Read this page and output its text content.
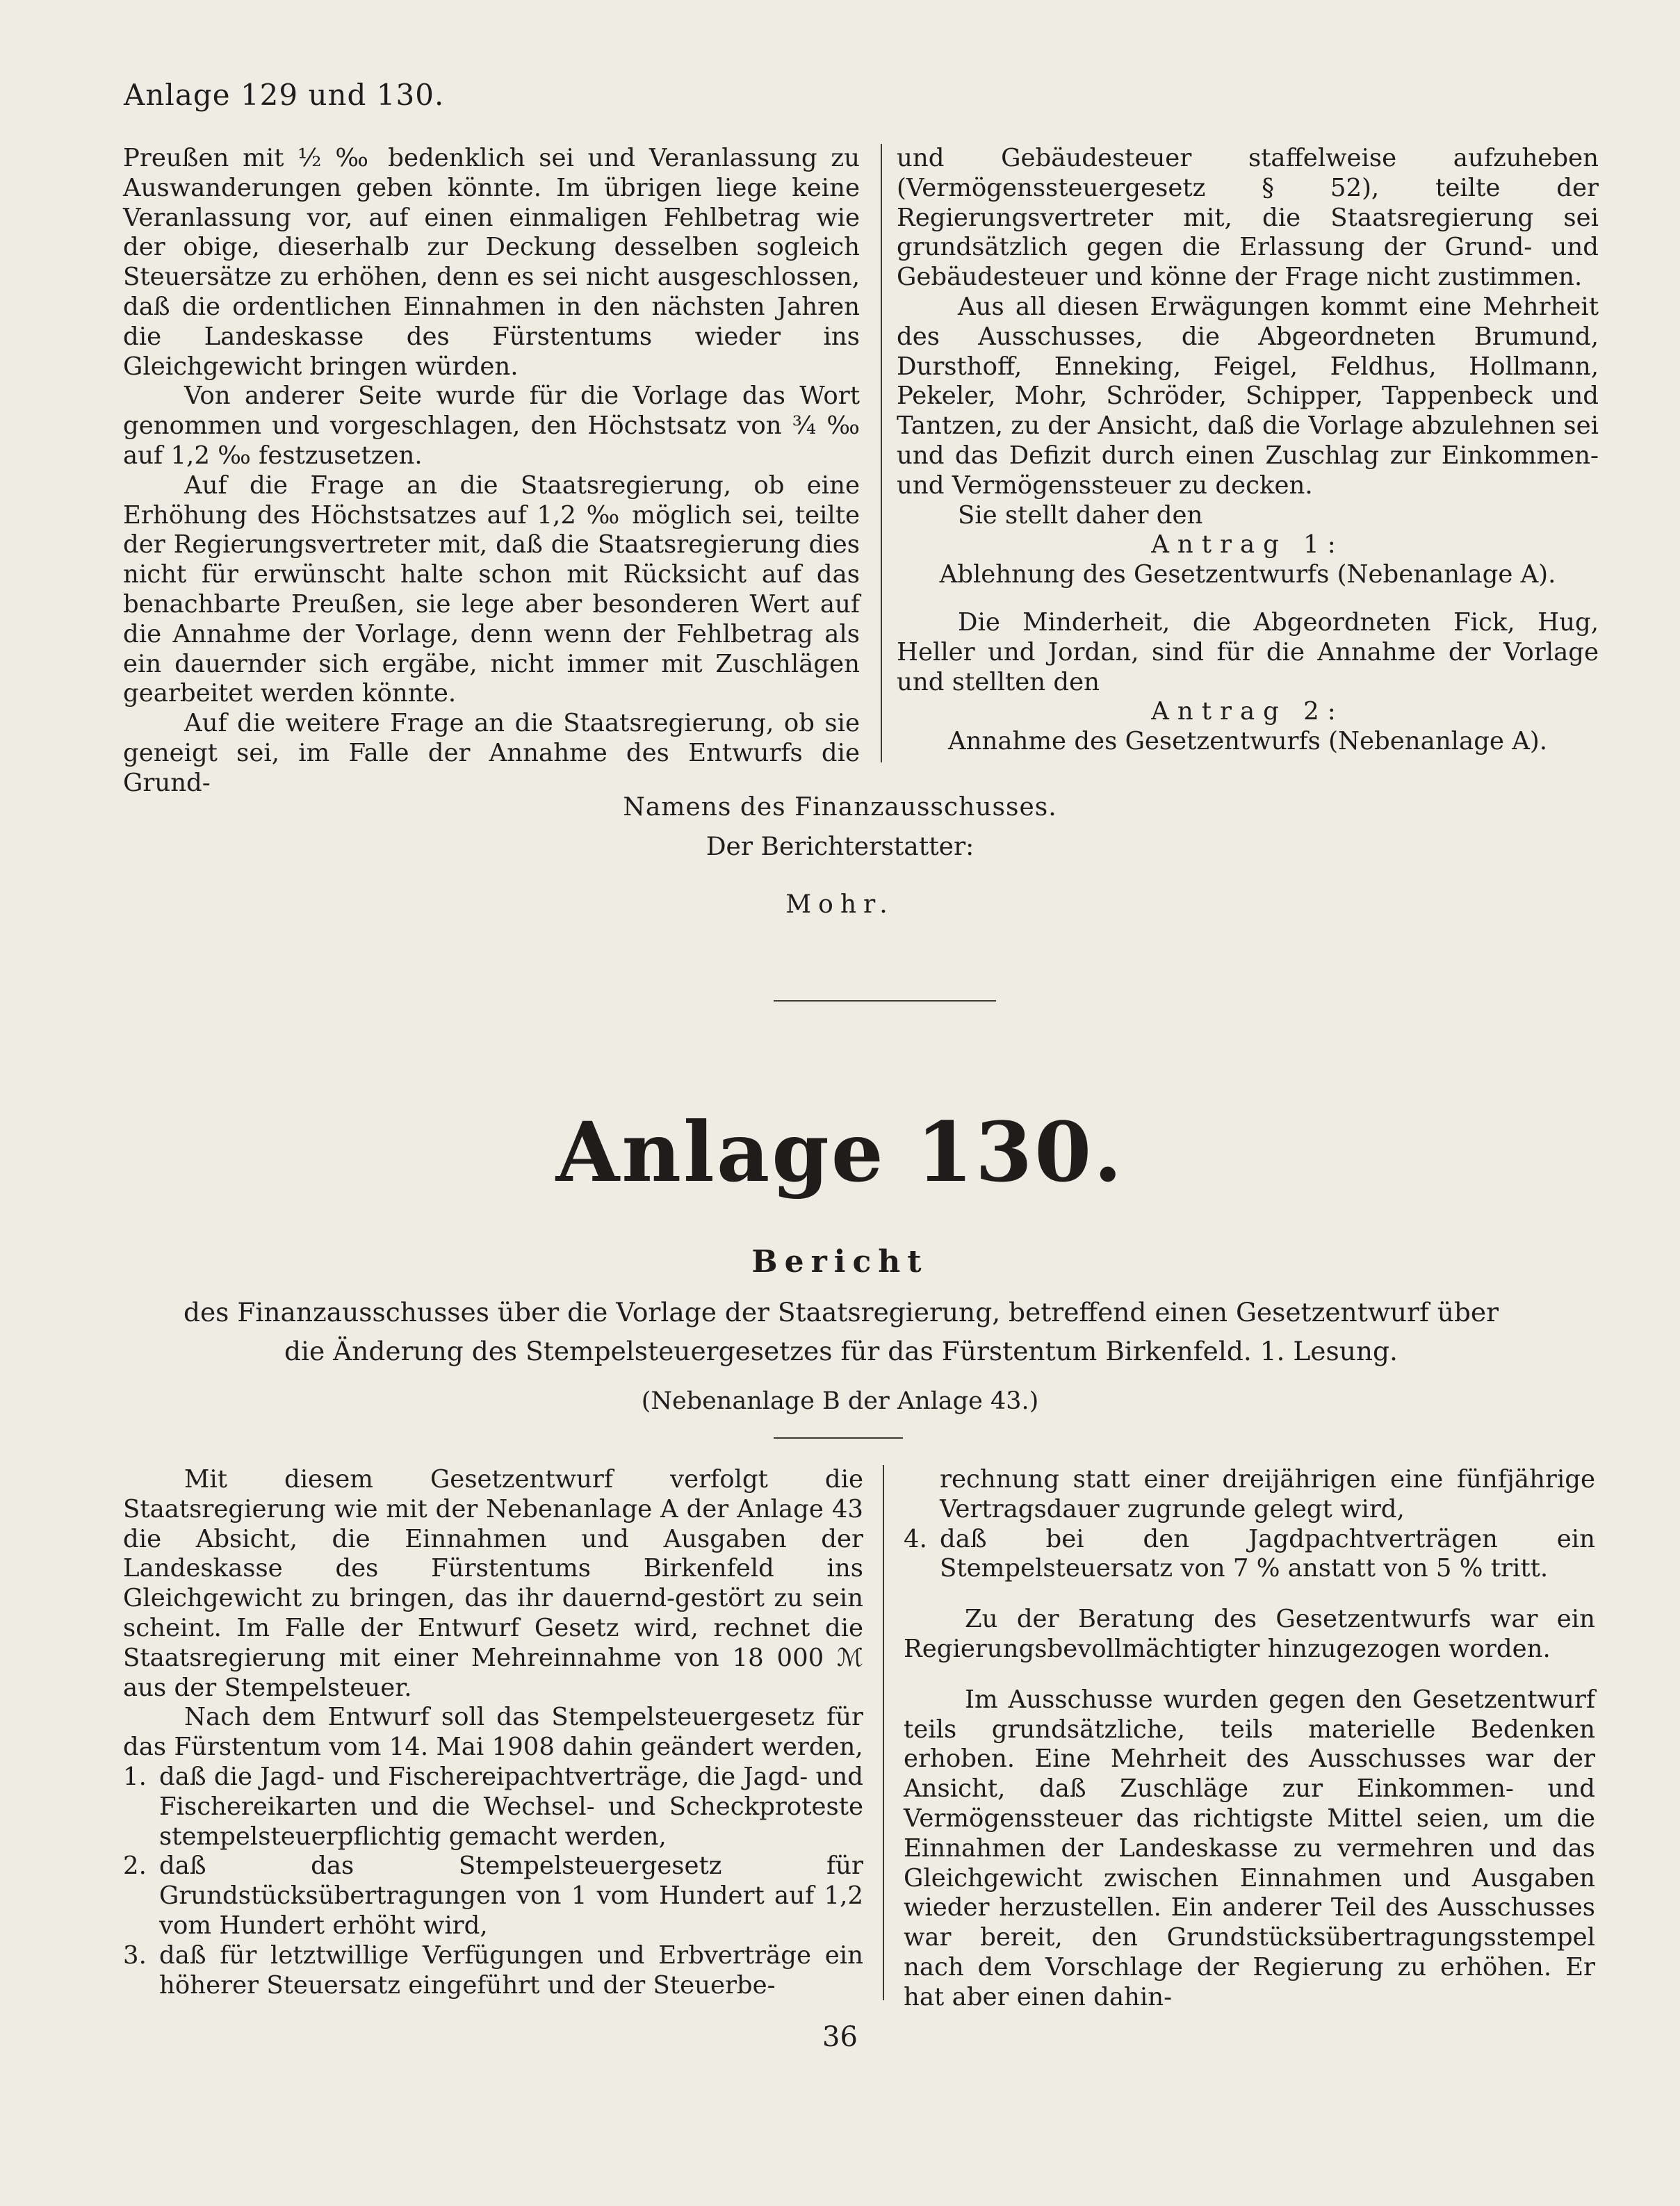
Anlage 129 und 130.

Preußen mit ½ ‰ bedenklich sei und Veranlassung zu Auswanderungen geben könnte. Im übrigen liege keine Veranlassung vor, auf einen einmaligen Fehlbetrag wie der obige, dieserhalb zur Deckung desselben sogleich Steuersätze zu erhöhen, denn es sei nicht ausgeschlossen, daß die ordentlichen Einnahmen in den nächsten Jahren die Landeskasse des Fürstentums wieder ins Gleichgewicht bringen würden.

Von anderer Seite wurde für die Vorlage das Wort genommen und vorgeschlagen, den Höchstsatz von ¾ ‰ auf 1,2 ‰ festzusetzen.

Auf die Frage an die Staatsregierung, ob eine Erhöhung des Höchstsatzes auf 1,2 ‰ möglich sei, teilte der Regierungsvertreter mit, daß die Staatsregierung dies nicht für erwünscht halte schon mit Rücksicht auf das benachbarte Preußen, sie lege aber besonderen Wert auf die Annahme der Vorlage, denn wenn der Fehlbetrag als ein dauernder sich ergäbe, nicht immer mit Zuschlägen gearbeitet werden könnte.

Auf die weitere Frage an die Staatsregierung, ob sie geneigt sei, im Falle der Annahme des Entwurfs die Grund-

und Gebäudesteuer staffelweise aufzuheben (Vermögenssteuergesetz § 52), teilte der Regierungsvertreter mit, die Staatsregierung sei grundsätzlich gegen die Erlassung der Grund- und Gebäudesteuer und könne der Frage nicht zustimmen.

Aus all diesen Erwägungen kommt eine Mehrheit des Ausschusses, die Abgeordneten Brumund, Dursthoff, Enneking, Feigel, Feldhus, Hollmann, Pekeler, Mohr, Schröder, Schipper, Tappenbeck und Tantzen, zu der Ansicht, daß die Vorlage abzulehnen sei und das Defizit durch einen Zuschlag zur Einkommen- und Vermögenssteuer zu decken.

Sie stellt daher den

Antrag 1:

Ablehnung des Gesetzentwurfs (Nebenanlage A).

Die Minderheit, die Abgeordneten Fick, Hug, Heller und Jordan, sind für die Annahme der Vorlage und stellten den

Antrag 2:

Annahme des Gesetzentwurfs (Nebenanlage A).

Namens des Finanzausschusses.
Der Berichterstatter:
Mohr.
Anlage 130.
Bericht
des Finanzausschusses über die Vorlage der Staatsregierung, betreffend einen Gesetzentwurf über die Änderung des Stempelsteuergesetzes für das Fürstentum Birkenfeld. 1. Lesung.
(Nebenanlage B der Anlage 43.)

Mit diesem Gesetzentwurf verfolgt die Staatsregierung wie mit der Nebenanlage A der Anlage 43 die Absicht, die Einnahmen und Ausgaben der Landeskasse des Fürstentums Birkenfeld ins Gleichgewicht zu bringen, das ihr dauernd-gestört zu sein scheint. Im Falle der Entwurf Gesetz wird, rechnet die Staatsregierung mit einer Mehreinnahme von 18 000 ℳ aus der Stempelsteuer.

Nach dem Entwurf soll das Stempelsteuergesetz für das Fürstentum vom 14. Mai 1908 dahin geändert werden,

1. daß die Jagd- und Fischereipachtverträge, die Jagd- und Fischereikarten und die Wechsel- und Scheckproteste stempelsteuerpflichtig gemacht werden,
2. daß das Stempelsteuergesetz für Grundstücksübertragungen von 1 vom Hundert auf 1,2 vom Hundert erhöht wird,
3. daß für letztwillige Verfügungen und Erbverträge ein höherer Steuersatz eingeführt und der Steuerbe-

rechnung statt einer dreijährigen eine fünfjährige Vertragsdauer zugrunde gelegt wird,

4. daß bei den Jagdpachtverträgen ein Stempelsteuersatz von 7 % anstatt von 5 % tritt.

Zu der Beratung des Gesetzentwurfs war ein Regierungsbevollmächtigter hinzugezogen worden.

Im Ausschusse wurden gegen den Gesetzentwurf teils grundsätzliche, teils materielle Bedenken erhoben. Eine Mehrheit des Ausschusses war der Ansicht, daß Zuschläge zur Einkommen- und Vermögenssteuer das richtigste Mittel seien, um die Einnahmen der Landeskasse zu vermehren und das Gleichgewicht zwischen Einnahmen und Ausgaben wieder herzustellen. Ein anderer Teil des Ausschusses war bereit, den Grundstücksübertragungsstempel nach dem Vorschlage der Regierung zu erhöhen. Er hat aber einen dahin-

36
